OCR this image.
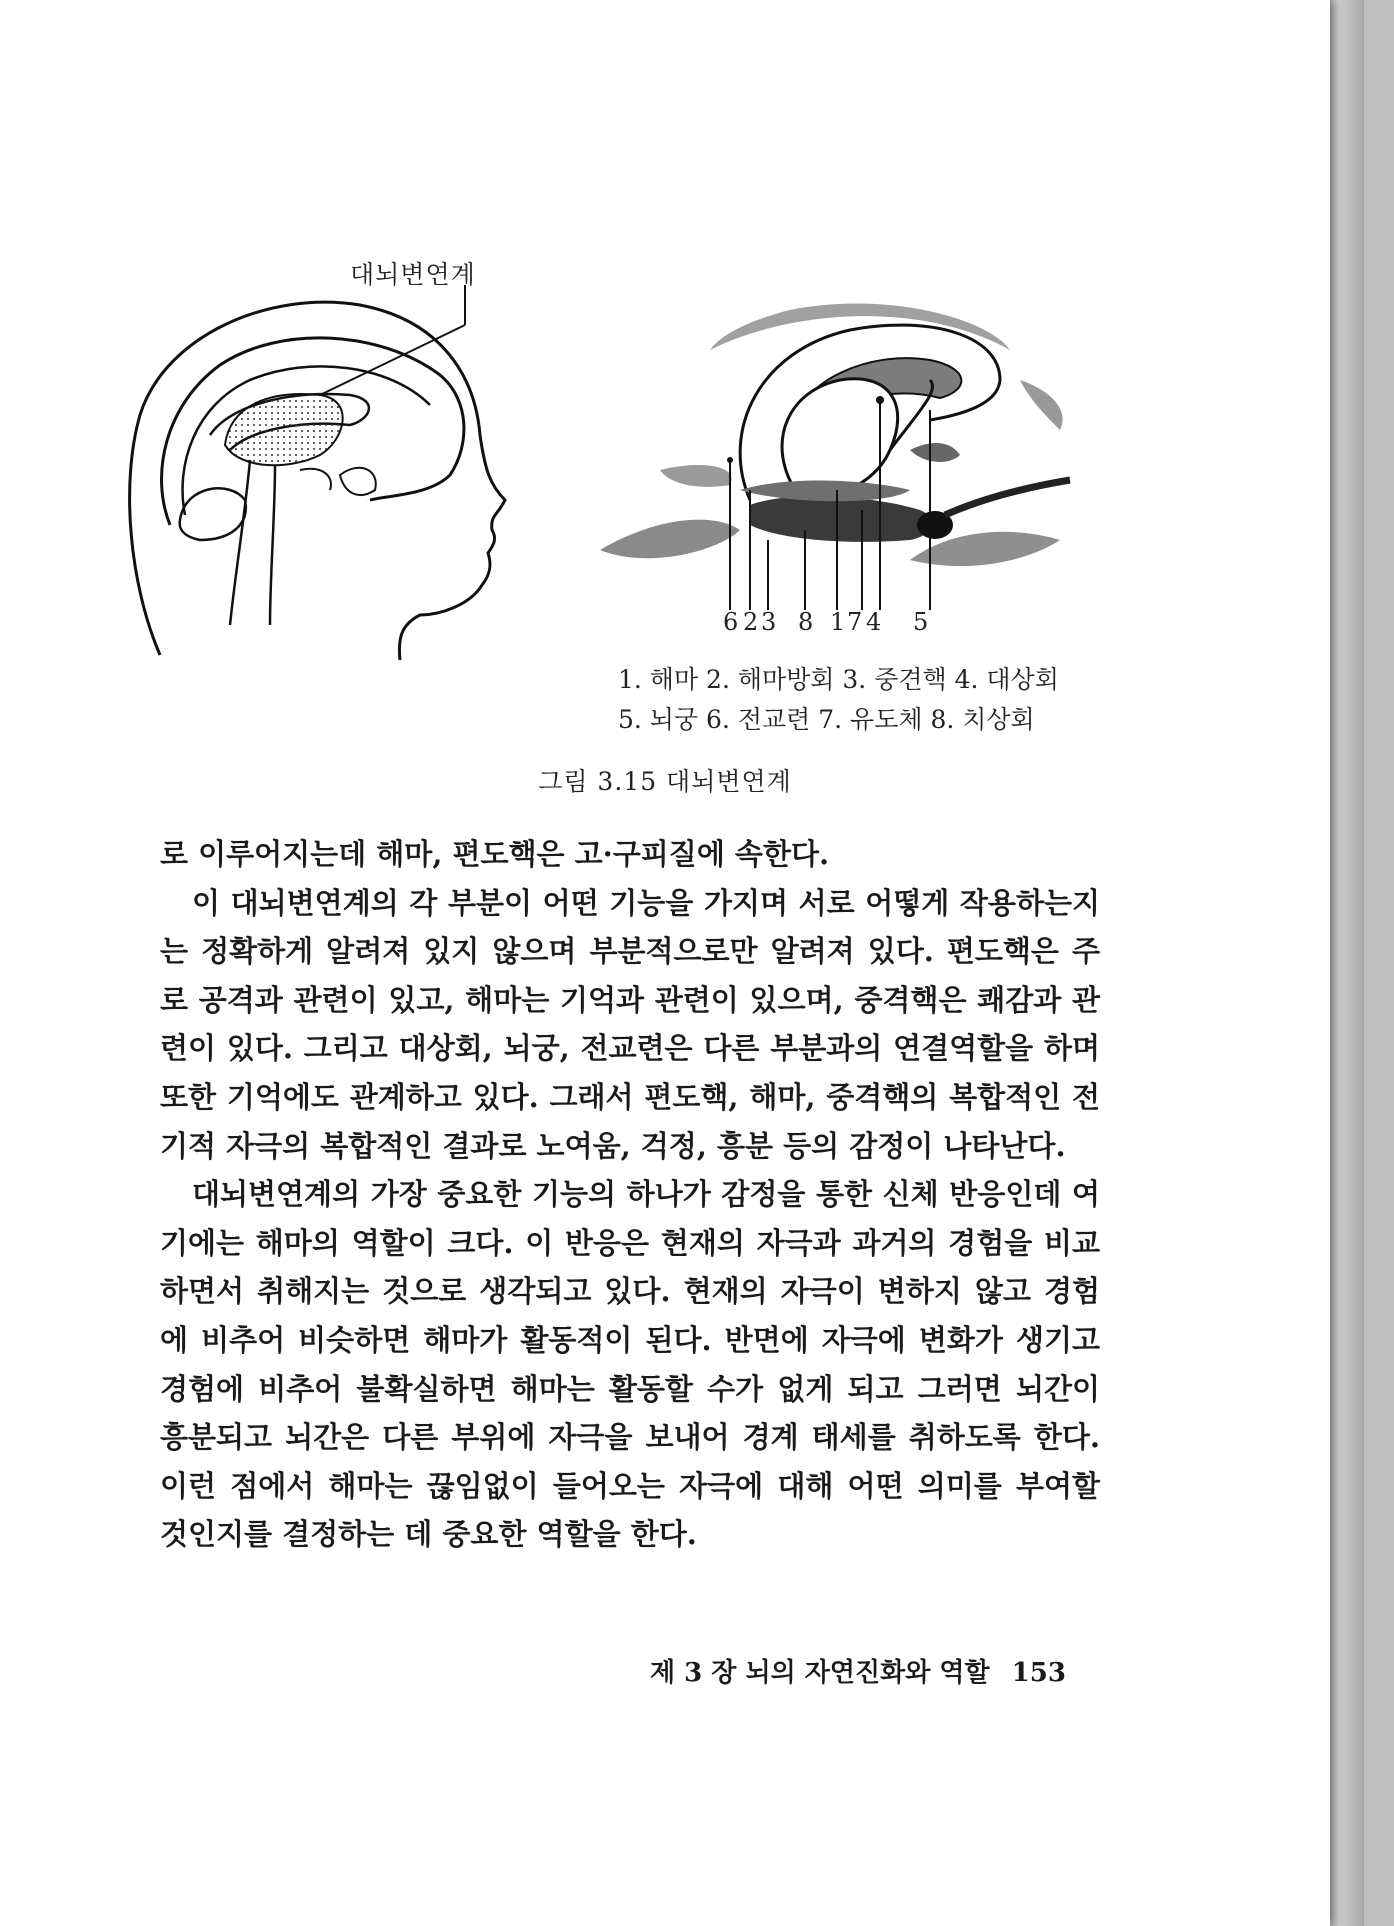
대뇌변연계
6 2 3 8 1 7 4 5
1. 해마 2. 해마방회 3. 중견핵 4. 대상회
5. 뇌궁 6. 전교련 7. 유도체 8. 치상회
그림 3.15 대뇌변연계

로 이루어지는데 해마, 편도핵은 고·구피질에 속한다.

이 대뇌변연계의 각 부분이 어떤 기능을 가지며 서로 어떻게 작용하는지는 정확하게 알려져 있지 않으며 부분적으로만 알려져 있다. 편도핵은 주로 공격과 관련이 있고, 해마는 기억과 관련이 있으며, 중격핵은 쾌감과 관련이 있다. 그리고 대상회, 뇌궁, 전교련은 다른 부분과의 연결역할을 하며 또한 기억에도 관계하고 있다. 그래서 편도핵, 해마, 중격핵의 복합적인 전기적 자극의 복합적인 결과로 노여움, 걱정, 흥분 등의 감정이 나타난다.

대뇌변연계의 가장 중요한 기능의 하나가 감정을 통한 신체 반응인데 여기에는 해마의 역할이 크다. 이 반응은 현재의 자극과 과거의 경험을 비교하면서 취해지는 것으로 생각되고 있다. 현재의 자극이 변하지 않고 경험에 비추어 비슷하면 해마가 활동적이 된다. 반면에 자극에 변화가 생기고 경험에 비추어 불확실하면 해마는 활동할 수가 없게 되고 그러면 뇌간이 흥분되고 뇌간은 다른 부위에 자극을 보내어 경계 태세를 취하도록 한다. 이런 점에서 해마는 끊임없이 들어오는 자극에 대해 어떤 의미를 부여할 것인지를 결정하는 데 중요한 역할을 한다.

제 3 장 뇌의 자연진화와 역할 153
